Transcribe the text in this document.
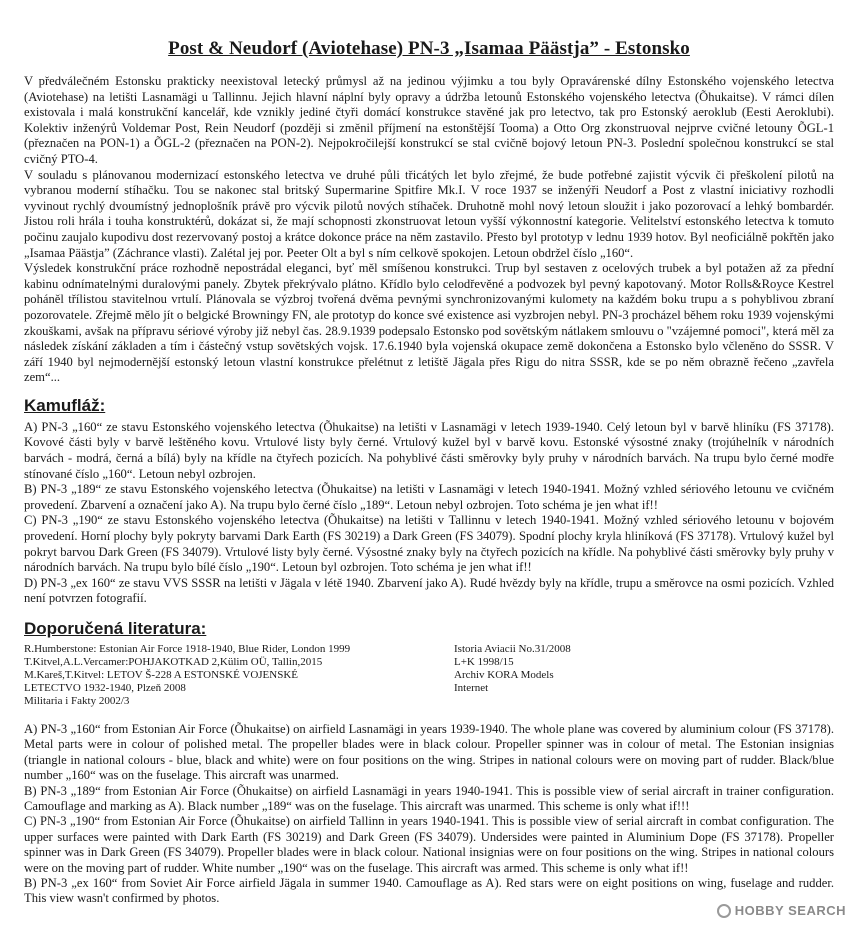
Post & Neudorf (Aviotehase) PN-3 „Isamaa Päästja” - Estonsko

V předválečném Estonsku prakticky neexistoval letecký průmysl až na jedinou výjimku a tou byly Opravárenské dílny Estonského vojenského letectva (Aviotehase) na letišti Lasnamägi u Tallinnu. Jejich hlavní náplní byly opravy a údržba letounů Estonského vojenského letectva (Õhukaitse). V rámci dílen existovala i malá konstrukční kancelář, kde vznikly jediné čtyři domácí konstrukce stavěné jak pro letectvo, tak pro Estonský aeroklub (Eesti Aeroklubi). Kolektiv inženýrů Voldemar Post, Rein Neudorf (později si změnil příjmení na estonštější Tooma) a Otto Org zkonstruoval nejprve cvičné letouny ÕGL-1 (přeznačen na PON-1) a ÕGL-2 (přeznačen na PON-2). Nejpokročilejší konstrukcí se stal cvičně bojový letoun PN-3. Poslední společnou konstrukcí se stal cvičný PTO-4.

V souladu s plánovanou modernizací estonského letectva ve druhé půli třicátých let bylo zřejmé, že bude potřebné zajistit výcvik či přeškolení pilotů na vybranou moderní stíhačku. Tou se nakonec stal britský Supermarine Spitfire Mk.I. V roce 1937 se inženýři Neudorf a Post z vlastní iniciativy rozhodli vyvinout rychlý dvoumístný jednoplošník právě pro výcvik pilotů nových stíhaček. Druhotně mohl nový letoun sloužit i jako pozorovací a lehký bombardér. Jistou roli hrála i touha konstruktérů, dokázat si, že mají schopnosti zkonstruovat letoun vyšší výkonnostní kategorie. Velitelství estonského letectva k tomuto počinu zaujalo kupodivu dost rezervovaný postoj a krátce dokonce práce na něm zastavilo. Přesto byl prototyp v lednu 1939 hotov. Byl neoficiálně pokřtěn jako „Isamaa Päästja” (Záchrance vlasti). Zalétal jej por. Peeter Olt a byl s ním celkově spokojen. Letoun obdržel číslo „160“.

Výsledek konstrukční práce rozhodně nepostrádal eleganci, byť měl smíšenou konstrukci. Trup byl sestaven z ocelových trubek a byl potažen až za přední kabinu odnímatelnými duralovými panely. Zbytek překrývalo plátno. Křídlo bylo celodřevěné a podvozek byl pevný kapotovaný. Motor Rolls&Royce Kestrel poháněl třílistou stavitelnou vrtulí. Plánovala se výzbroj tvořená dvěma pevnými synchronizovanými kulomety na každém boku trupu a s pohyblivou zbraní pozorovatele. Zřejmě mělo jít o belgické Browningy FN, ale prototyp do konce své existence asi vyzbrojen nebyl. PN-3 procházel během roku 1939 vojenskými zkouškami, avšak na přípravu sériové výroby již nebyl čas. 28.9.1939 podepsalo Estonsko pod sovětským nátlakem smlouvu o "vzájemné pomoci", která měl za následek získání základen a tím i částečný vstup sovětských vojsk. 17.6.1940 byla vojenská okupace země dokončena a Estonsko bylo včleněno do SSSR. V září 1940 byl nejmodernější estonský letoun vlastní konstrukce přelétnut z letiště Jägala přes Rigu do nitra SSSR, kde se po něm obrazně řečeno „zavřela zem“...

Kamufláž:

A) PN-3 „160“ ze stavu Estonského vojenského letectva (Õhukaitse) na letišti v Lasnamägi v letech 1939-1940. Celý letoun byl v barvě hliníku (FS 37178). Kovové části byly v barvě leštěného kovu. Vrtulové listy byly černé. Vrtulový kužel byl v barvě kovu. Estonské výsostné znaky (trojúhelník v národních barvách - modrá, černá a bílá) byly na křídle na čtyřech pozicích. Na pohyblivé části směrovky byly pruhy v národních barvách. Na trupu bylo černé modře stínované číslo „160“. Letoun nebyl ozbrojen.

B) PN-3 „189“ ze stavu Estonského vojenského letectva (Õhukaitse) na letišti v Lasnamägi v letech 1940-1941. Možný vzhled sériového letounu ve cvičném provedení. Zbarvení a označení jako A). Na trupu bylo černé číslo „189“. Letoun nebyl ozbrojen. Toto schéma je jen what if!!

C) PN-3 „190“ ze stavu Estonského vojenského letectva (Õhukaitse) na letišti v Tallinnu v letech 1940-1941. Možný vzhled sériového letounu v bojovém provedení. Horní plochy byly pokryty barvami Dark Earth (FS 30219) a Dark Green (FS 34079). Spodní plochy kryla hliníková (FS 37178). Vrtulový kužel byl pokryt barvou Dark Green (FS 34079). Vrtulové listy byly černé. Výsostné znaky byly na čtyřech pozicích na křídle. Na pohyblivé části směrovky byly pruhy v národních barvách. Na trupu bylo bílé číslo „190“. Letoun byl ozbrojen. Toto schéma je jen what if!!

D) PN-3 „ex 160“ ze stavu VVS SSSR na letišti v Jägala v létě 1940. Zbarvení jako A). Rudé hvězdy byly na křídle, trupu a směrovce na osmi pozicích. Vzhled není potvrzen fotografií.

Doporučená literatura:
R.Humberstone: Estonian Air Force 1918-1940, Blue Rider, London 1999
T.Kitvel,A.L.Vercamer:POHJAKOTKAD 2,Külim OÜ, Tallin,2015
M.Kareš,T.Kitvel: LETOV Š-228 A ESTONSKÉ VOJENSKÉ
LETECTVO 1932-1940, Plzeň 2008
Militaria i Fakty 2002/3
Istoria Aviacii No.31/2008
L+K 1998/15
Archiv KORA Models
Internet

A) PN-3 „160“ from Estonian Air Force (Õhukaitse) on airfield Lasnamägi in years 1939-1940. The whole plane was covered by aluminium colour (FS 37178). Metal parts were in colour of polished metal. The propeller blades were in black colour. Propeller spinner was in colour of metal. The Estonian insignias (triangle in national colours - blue, black and white) were on four positions on the wing. Stripes in national colours were on moving part of rudder. Black/blue number „160“ was on the fuselage. This aircraft was unarmed.

B) PN-3 „189“ from Estonian Air Force (Õhukaitse) on airfield Lasnamägi in years 1940-1941. This is possible view of serial aircraft in trainer configuration. Camouflage and marking as A). Black number „189“ was on the fuselage. This aircraft was unarmed. This scheme is only what if!!!

C) PN-3 „190“ from Estonian Air Force (Õhukaitse) on airfield Tallinn in years 1940-1941. This is possible view of serial aircraft in combat configuration. The upper surfaces were painted with Dark Earth (FS 30219) and Dark Green (FS 34079). Undersides were painted in Aluminium Dope (FS 37178). Propeller spinner was in Dark Green (FS 34079). Propeller blades were in black colour. National insignias were on four positions on the wing. Stripes in national colours were on the moving part of rudder. White number „190“ was on the fuselage. This aircraft was armed. This scheme is only what if!!

B) PN-3 „ex 160“ from Soviet Air Force airfield Jägala in summer 1940. Camouflage as A). Red stars were on eight positions on wing, fuselage and rudder. This view wasn't confirmed by photos.

HOBBY SEARCH
